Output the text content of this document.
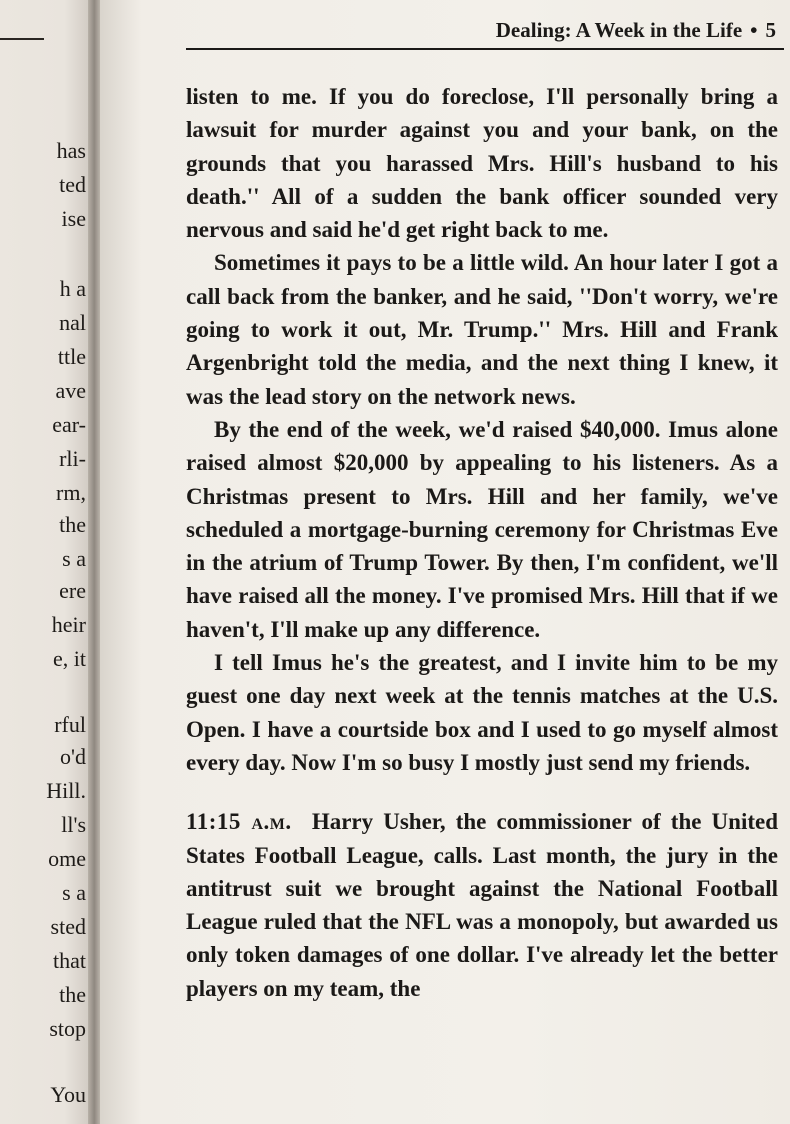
has
ted
ise
h a
nal
ttle
ave
ear-
rli-
rm,
the
s a
ere
heir
e, it
rful
o'd
Hill.
ll's
ome
s a
sted
that
the
stop
You
Dealing: A Week in the Life • 5

listen to me. If you do foreclose, I'll personally bring a lawsuit for murder against you and your bank, on the grounds that you harassed Mrs. Hill's husband to his death.'' All of a sudden the bank officer sounded very nervous and said he'd get right back to me.

Sometimes it pays to be a little wild. An hour later I got a call back from the banker, and he said, ''Don't worry, we're going to work it out, Mr. Trump.'' Mrs. Hill and Frank Argenbright told the media, and the next thing I knew, it was the lead story on the network news.

By the end of the week, we'd raised $40,000. Imus alone raised almost $20,000 by appealing to his listeners. As a Christmas present to Mrs. Hill and her family, we've scheduled a mortgage-burning ceremony for Christmas Eve in the atrium of Trump Tower. By then, I'm confident, we'll have raised all the money. I've promised Mrs. Hill that if we haven't, I'll make up any difference.

I tell Imus he's the greatest, and I invite him to be my guest one day next week at the tennis matches at the U.S. Open. I have a courtside box and I used to go myself almost every day. Now I'm so busy I mostly just send my friends.

11:15 a.m. Harry Usher, the commissioner of the United States Football League, calls. Last month, the jury in the antitrust suit we brought against the National Football League ruled that the NFL was a monopoly, but awarded us only token damages of one dollar. I've already let the better players on my team, the
